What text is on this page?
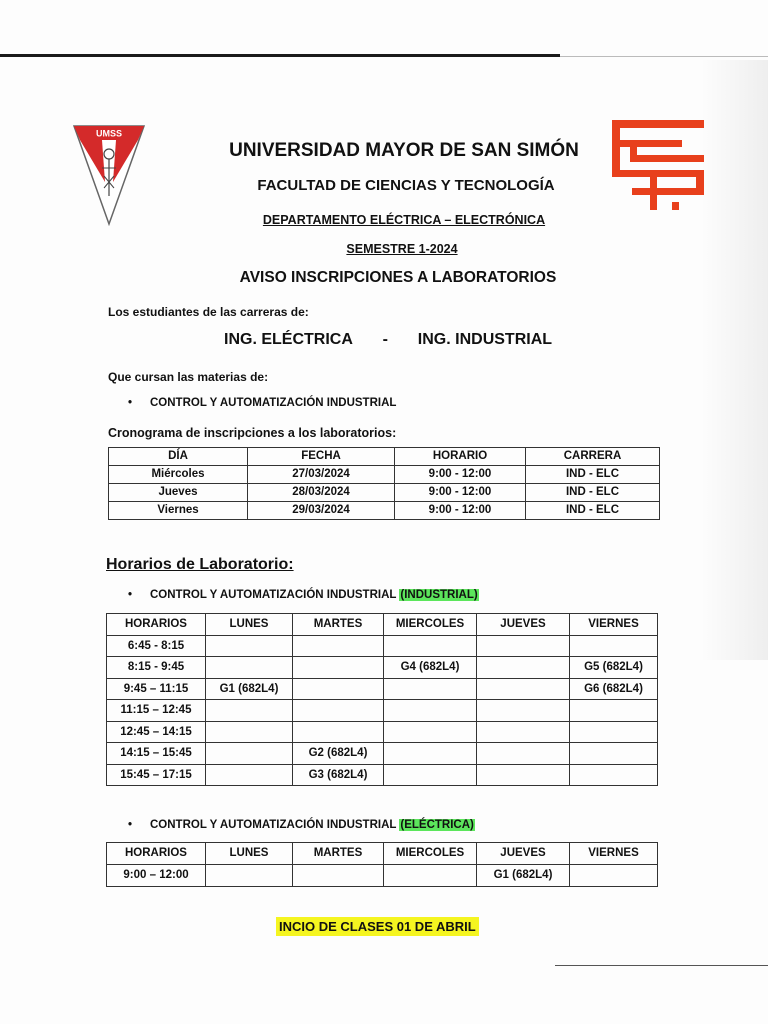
UMSS
UNIVERSIDAD MAYOR DE SAN SIMÓN
FACULTAD DE CIENCIAS Y TECNOLOGÍA
DEPARTAMENTO ELÉCTRICA – ELECTRÓNICA
SEMESTRE 1-2024
AVISO INSCRIPCIONES A LABORATORIOS
Los estudiantes de las carreras de:
ING. ELÉCTRICA - ING. INDUSTRIAL
Que cursan las materias de:
• CONTROL Y AUTOMATIZACIÓN INDUSTRIAL
Cronograma de inscripciones a los laboratorios:
DÍA	FECHA	HORARIO	CARRERA
Miércoles	27/03/2024	9:00 - 12:00	IND - ELC
Jueves	28/03/2024	9:00 - 12:00	IND - ELC
Viernes	29/03/2024	9:00 - 12:00	IND - ELC
Horarios de Laboratorio:
• CONTROL Y AUTOMATIZACIÓN INDUSTRIAL (INDUSTRIAL)
HORARIOS	LUNES	MARTES	MIERCOLES	JUEVES	VIERNES
6:45 - 8:15					
8:15 - 9:45			G4 (682L4)		G5 (682L4)
9:45 – 11:15	G1 (682L4)				G6 (682L4)
11:15 – 12:45					
12:45 – 14:15					
14:15 – 15:45		G2 (682L4)			
15:45 – 17:15		G3 (682L4)			
• CONTROL Y AUTOMATIZACIÓN INDUSTRIAL (ELÉCTRICA)
HORARIOS	LUNES	MARTES	MIERCOLES	JUEVES	VIERNES
9:00 – 12:00				G1 (682L4)	
INCIO DE CLASES 01 DE ABRIL
